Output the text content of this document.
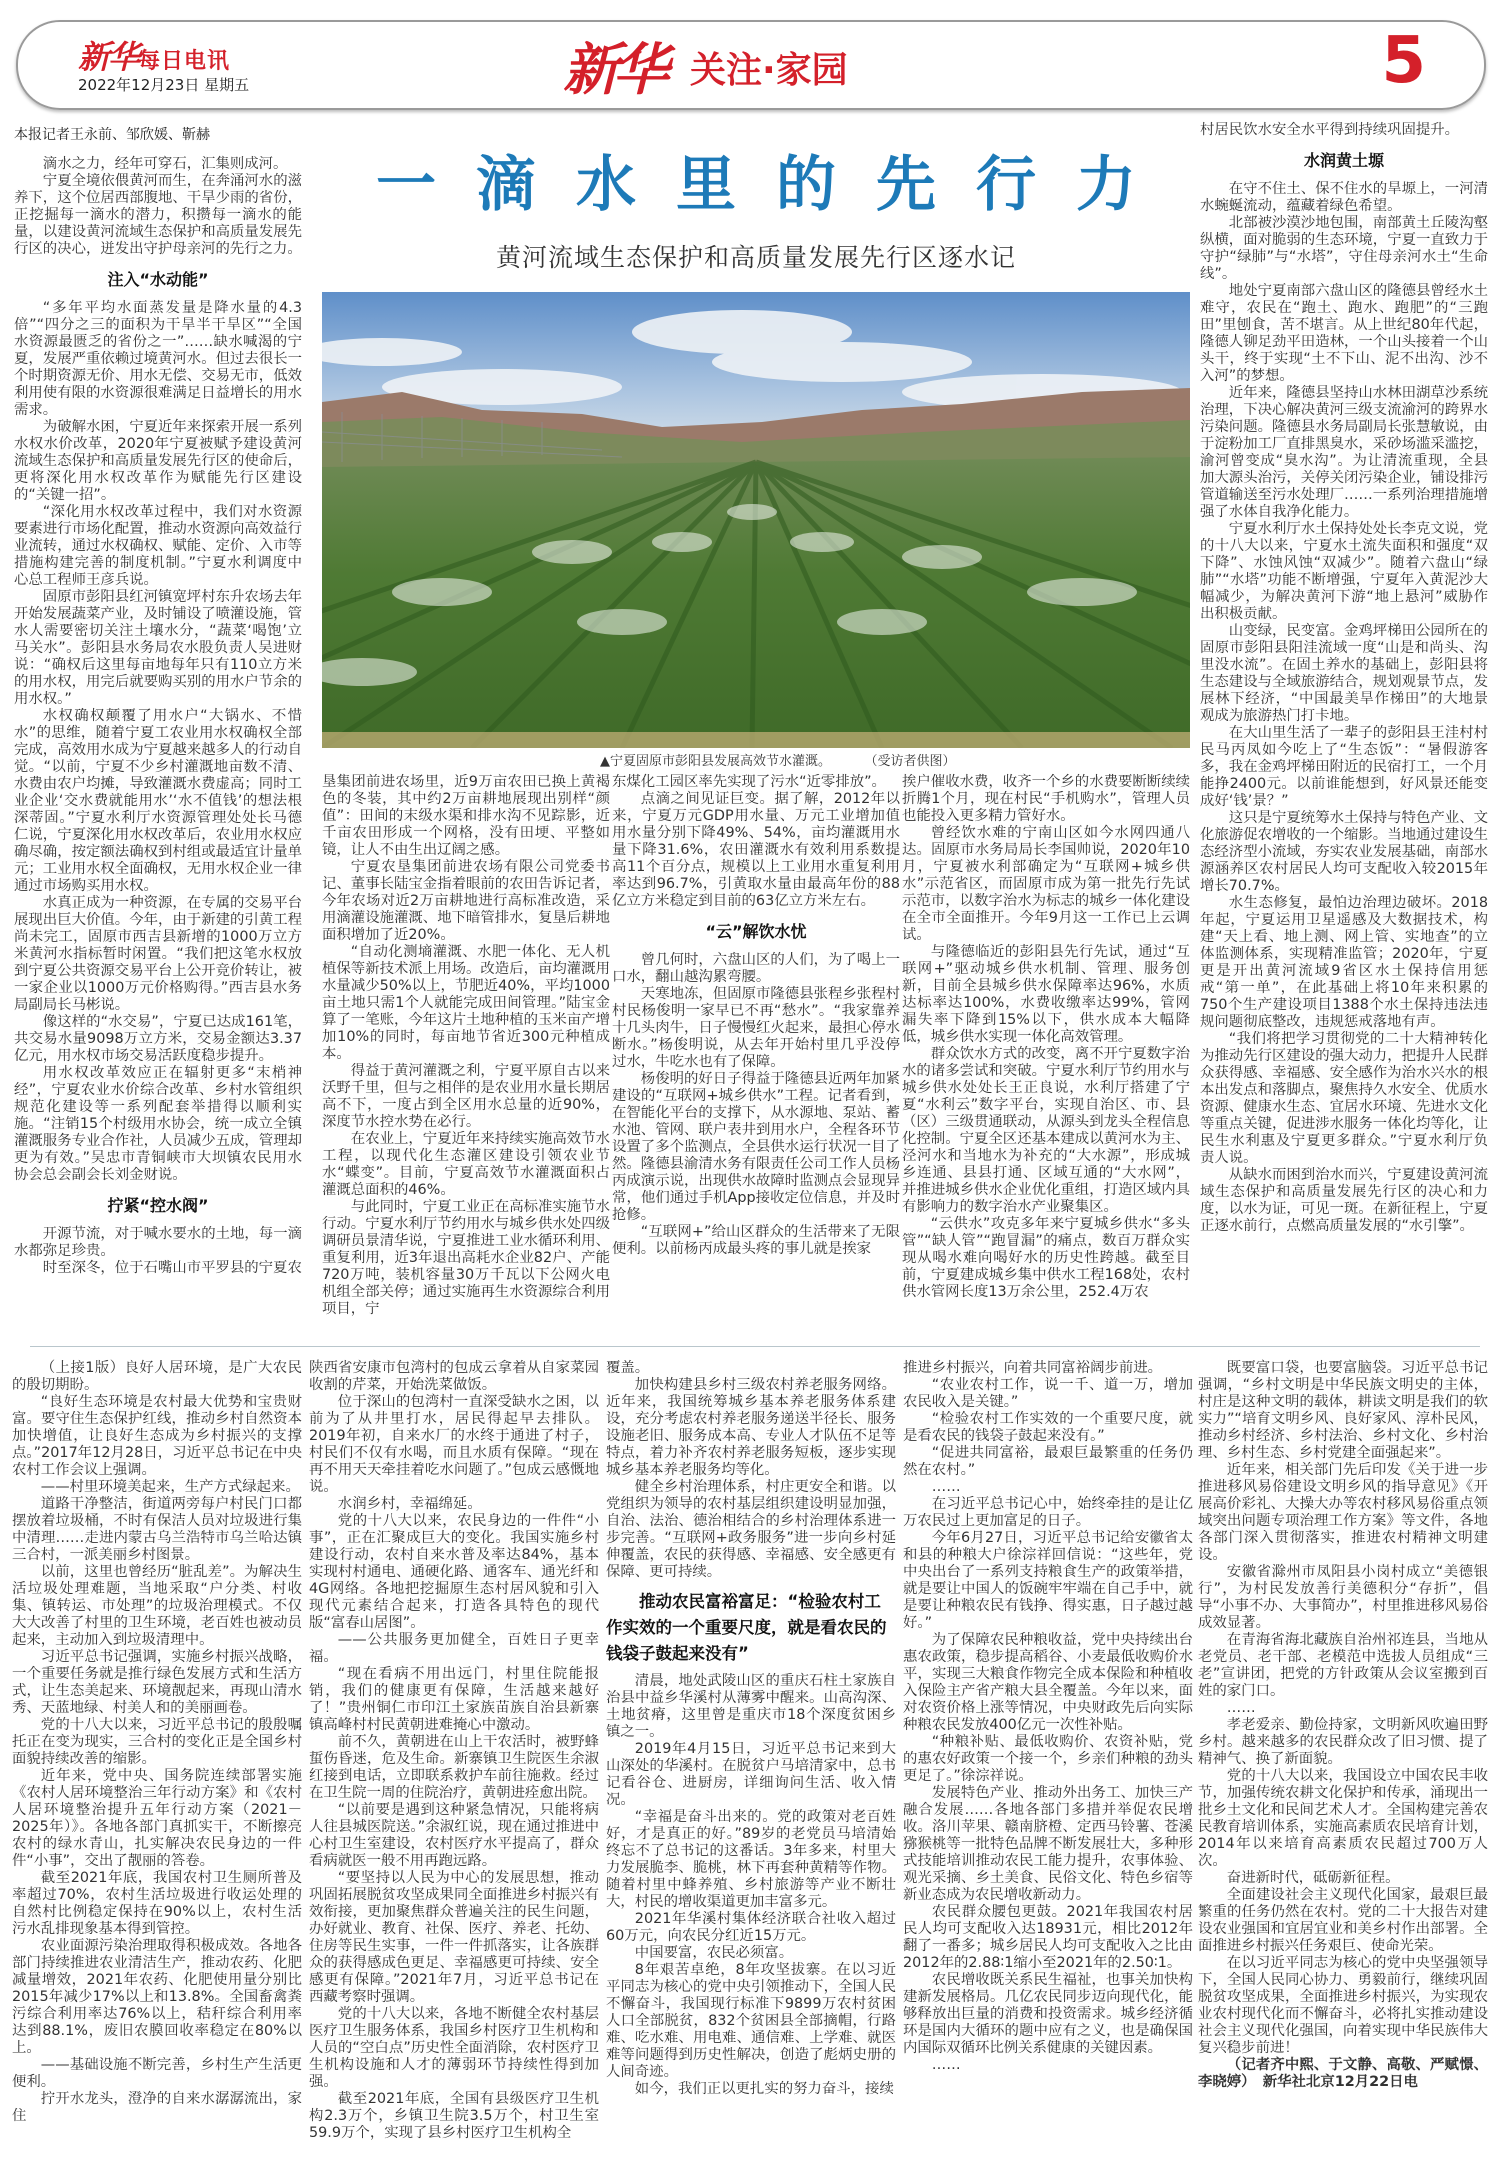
新华每日电讯
2022年12月23日 星期五	新华 关注·家园	5
本报记者王永前、邹欣媛、靳赫
一滴水里的先行力
黄河流域生态保护和高质量发展先行区逐水记
▲宁夏固原市彭阳县发展高效节水灌溉。	（受访者供图）

滴水之力，经年可穿石，汇集则成河。

宁夏全境依偎黄河而生，在奔涌河水的滋养下，这个位居西部腹地、干旱少雨的省份，正挖掘每一滴水的潜力，积攒每一滴水的能量，以建设黄河流域生态保护和高质量发展先行区的决心，迸发出守护母亲河的先行之力。

注入“水动能”

“多年平均水面蒸发量是降水量的4.3倍”“四分之三的面积为干旱半干旱区”“全国水资源最匮乏的省份之一”……缺水喊渴的宁夏，发展严重依赖过境黄河水。但过去很长一个时期资源无价、用水无偿、交易无市，低效利用使有限的水资源很难满足日益增长的用水需求。

为破解水困，宁夏近年来探索开展一系列水权水价改革，2020年宁夏被赋予建设黄河流域生态保护和高质量发展先行区的使命后，更将深化用水权改革作为赋能先行区建设的“关键一招”。

“深化用水权改革过程中，我们对水资源要素进行市场化配置，推动水资源向高效益行业流转，通过水权确权、赋能、定价、入市等措施构建完善的制度机制。”宁夏水利调度中心总工程师王彦兵说。

固原市彭阳县红河镇宽坪村东升农场去年开始发展蔬菜产业，及时铺设了喷灌设施，管水人需要密切关注土壤水分，“蔬菜‘喝饱’立马关水”。彭阳县水务局农水股负责人吴进财说：“确权后这里每亩地每年只有110立方米的用水权，用完后就要购买别的用水户节余的用水权。”

水权确权颠覆了用水户“大锅水、不惜水”的思维，随着宁夏工农业用水权确权全部完成，高效用水成为宁夏越来越多人的行动自觉。“以前，宁夏不少乡村灌溉地亩数不清、水费由农户均摊，导致灌溉水费虚高；同时工业企业‘交水费就能用水’‘水不值钱’的想法根深蒂固。”宁夏水利厅水资源管理处处长马德仁说，宁夏深化用水权改革后，农业用水权应确尽确，按定额法确权到村组或最适宜计量单元；工业用水权全面确权，无用水权企业一律通过市场购买用水权。

水真正成为一种资源，在专属的交易平台展现出巨大价值。今年，由于新建的引黄工程尚未完工，固原市西吉县新增的1000万立方米黄河水指标暂时闲置。“我们把这笔水权放到宁夏公共资源交易平台上公开竞价转让，被一家企业以1000万元价格购得。”西吉县水务局副局长马彬说。

像这样的“水交易”，宁夏已达成161笔，共交易水量9098万立方米，交易金额达3.37亿元，用水权市场交易活跃度稳步提升。

用水权改革效应正在辐射更多“末梢神经”，宁夏农业水价综合改革、乡村水管组织规范化建设等一系列配套举措得以顺利实施。“注销15个村级用水协会，统一成立全镇灌溉服务专业合作社，人员减少五成，管理却更为有效。”吴忠市青铜峡市大坝镇农民用水协会总会副会长刘金财说。

拧紧“控水阀”

开源节流，对于喊水要水的土地，每一滴水都弥足珍贵。

时至深冬，位于石嘴山市平罗县的宁夏农

垦集团前进农场里，近9万亩农田已换上黄褐色的冬装，其中约2万亩耕地展现出别样“颜值”：田间的末级水渠和排水沟不见踪影，近千亩农田形成一个网格，没有田埂、平整如镜，让人不由生出辽阔之感。

宁夏农垦集团前进农场有限公司党委书记、董事长陆宝金指着眼前的农田告诉记者，今年农场对近2万亩耕地进行高标准改造，采用滴灌设施灌溉、地下暗管排水，复垦后耕地面积增加了近20%。

“自动化测墒灌溉、水肥一体化、无人机植保等新技术派上用场。改造后，亩均灌溉用水量减少50%以上，节肥近40%，平均1000亩土地只需1个人就能完成田间管理。”陆宝金算了一笔账，今年这片土地种植的玉米亩产增加10%的同时，每亩地节省近300元种植成本。

得益于黄河灌溉之利，宁夏平原自古以来沃野千里，但与之相伴的是农业用水量长期居高不下，一度占到全区用水总量的近90%，深度节水控水势在必行。

在农业上，宁夏近年来持续实施高效节水工程，以现代化生态灌区建设引领农业节水“蝶变”。目前，宁夏高效节水灌溉面积占灌溉总面积的46%。

与此同时，宁夏工业正在高标准实施节水行动。宁夏水利厅节约用水与城乡供水处四级调研员景清华说，宁夏推进工业水循环利用、重复利用，近3年退出高耗水企业82户、产能720万吨，装机容量30万千瓦以下公网火电机组全部关停；通过实施再生水资源综合利用项目，宁

东煤化工园区率先实现了污水“近零排放”。

点滴之间见证巨变。据了解，2012年以来，宁夏万元GDP用水量、万元工业增加值用水量分别下降49%、54%，亩均灌溉用水量下降31.6%，农田灌溉水有效利用系数提高11个百分点，规模以上工业用水重复利用率达到96.7%，引黄取水量由最高年份的88亿立方米稳定到目前的63亿立方米左右。

“云”解饮水忧

曾几何时，六盘山区的人们，为了喝上一口水，翻山越沟累弯腰。

天寒地冻，但固原市隆德县张程乡张程村村民杨俊明一家早已不再“愁水”。“我家靠养十几头肉牛，日子慢慢红火起来，最担心停水断水。”杨俊明说，从去年开始村里几乎没停过水，牛吃水也有了保障。

杨俊明的好日子得益于隆德县近两年加紧建设的“互联网+城乡供水”工程。记者看到，在智能化平台的支撑下，从水源地、泵站、蓄水池、管网、联户表井到用水户，全程各环节设置了多个监测点，全县供水运行状况一目了然。隆德县渝清水务有限责任公司工作人员杨丙成演示说，出现供水故障时监测点会显现异常，他们通过手机App接收定位信息，并及时抢修。

“互联网+”给山区群众的生活带来了无限便利。以前杨丙成最头疼的事儿就是挨家

挨户催收水费，收齐一个乡的水费要断断续续折腾1个月，现在村民“手机购水”，管理人员也能投入更多精力管好水。

曾经饮水难的宁南山区如今水网四通八达。固原市水务局局长李国帅说，2020年10月，宁夏被水利部确定为“互联网+城乡供水”示范省区，而固原市成为第一批先行先试示范市，以数字治水为标志的城乡一体化建设在全市全面推开。今年9月这一工作已上云调试。

与隆德临近的彭阳县先行先试，通过“互联网+”驱动城乡供水机制、管理、服务创新，目前全县城乡供水保障率达96%，水质达标率达100%，水费收缴率达99%，管网漏失率下降到15%以下，供水成本大幅降低，城乡供水实现一体化高效管理。

群众饮水方式的改变，离不开宁夏数字治水的诸多尝试和突破。宁夏水利厅节约用水与城乡供水处处长王正良说，水利厅搭建了宁夏“水利云”数字平台，实现自治区、市、县（区）三级贯通联动，从源头到龙头全程信息化控制。宁夏全区还基本建成以黄河水为主、泾河水和当地水为补充的“大水源”，形成城乡连通、县县打通、区域互通的“大水网”，并推进城乡供水企业优化重组，打造区域内具有影响力的数字治水产业聚集区。

“云供水”攻克多年来宁夏城乡供水“多头管”“缺人管”“跑冒漏”的痛点，数百万群众实现从喝水难向喝好水的历史性跨越。截至目前，宁夏建成城乡集中供水工程168处，农村供水管网长度13万余公里，252.4万农

村居民饮水安全水平得到持续巩固提升。

水润黄土塬

在守不住土、保不住水的旱塬上，一河清水蜿蜒流动，蕴藏着绿色希望。

北部被沙漠沙地包围，南部黄土丘陵沟壑纵横，面对脆弱的生态环境，宁夏一直致力于守护“绿肺”与“水塔”，守住母亲河水土“生命线”。

地处宁夏南部六盘山区的隆德县曾经水土难守，农民在“跑土、跑水、跑肥”的“三跑田”里刨食，苦不堪言。从上世纪80年代起，隆德人铆足劲平田造林，一个山头接着一个山头干，终于实现“土不下山、泥不出沟、沙不入河”的梦想。

近年来，隆德县坚持山水林田湖草沙系统治理，下决心解决黄河三级支流渝河的跨界水污染问题。隆德县水务局副局长张慧敏说，由于淀粉加工厂直排黑臭水，采砂场滥采滥挖，渝河曾变成“臭水沟”。为让清流重现，全县加大源头治污，关停关闭污染企业，铺设排污管道输送至污水处理厂……一系列治理措施增强了水体自我净化能力。

宁夏水利厅水土保持处处长李克文说，党的十八大以来，宁夏水土流失面积和强度“双下降”、水蚀风蚀“双减少”。随着六盘山“绿肺”“水塔”功能不断增强，宁夏年入黄泥沙大幅减少，为解决黄河下游“地上悬河”威胁作出积极贡献。

山变绿，民变富。金鸡坪梯田公园所在的固原市彭阳县阳洼流域一度“山是和尚头、沟里没水流”。在固土养水的基础上，彭阳县将生态建设与全域旅游结合，规划观景节点，发展林下经济，“中国最美旱作梯田”的大地景观成为旅游热门打卡地。

在大山里生活了一辈子的彭阳县王洼村村民马丙凤如今吃上了“生态饭”：“暑假游客多，我在金鸡坪梯田附近的民宿打工，一个月能挣2400元。以前谁能想到，好风景还能变成好‘钱’景？”

这只是宁夏统筹水土保持与特色产业、文化旅游促农增收的一个缩影。当地通过建设生态经济型小流域，夯实农业发展基础，南部水源涵养区农村居民人均可支配收入较2015年增长70.7%。

水生态修复，最怕边治理边破坏。2018年起，宁夏运用卫星遥感及大数据技术，构建“天上看、地上测、网上管、实地查”的立体监测体系，实现精准监管；2020年，宁夏更是开出黄河流域9省区水土保持信用惩戒“第一单”，在此基础上将10年来积累的750个生产建设项目1388个水土保持违法违规问题彻底整改，违规惩戒落地有声。

“我们将把学习贯彻党的二十大精神转化为推动先行区建设的强大动力，把提升人民群众获得感、幸福感、安全感作为治水兴水的根本出发点和落脚点，聚焦持久水安全、优质水资源、健康水生态、宜居水环境、先进水文化等重点关键，促进涉水服务一体化均等化，让民生水利惠及宁夏更多群众。”宁夏水利厅负责人说。

从缺水而困到治水而兴，宁夏建设黄河流域生态保护和高质量发展先行区的决心和力度，以水为证，可见一斑。在新征程上，宁夏正逐水前行，点燃高质量发展的“水引擎”。

（上接1版）良好人居环境，是广大农民的殷切期盼。

“良好生态环境是农村最大优势和宝贵财富。要守住生态保护红线，推动乡村自然资本加快增值，让良好生态成为乡村振兴的支撑点。”2017年12月28日，习近平总书记在中央农村工作会议上强调。

——村里环境美起来，生产方式绿起来。

道路干净整洁，街道两旁每户村民门口都摆放着垃圾桶，不时有保洁人员对垃圾进行集中清理……走进内蒙古乌兰浩特市乌兰哈达镇三合村，一派美丽乡村图景。

以前，这里也曾经历“脏乱差”。为解决生活垃圾处理难题，当地采取“户分类、村收集、镇转运、市处理”的垃圾治理模式。不仅大大改善了村里的卫生环境，老百姓也被动员起来，主动加入到垃圾清理中。

习近平总书记强调，实施乡村振兴战略，一个重要任务就是推行绿色发展方式和生活方式，让生态美起来、环境靓起来，再现山清水秀、天蓝地绿、村美人和的美丽画卷。

党的十八大以来，习近平总书记的殷殷嘱托正在变为现实，三合村的变化正是全国乡村面貌持续改善的缩影。

近年来，党中央、国务院连续部署实施《农村人居环境整治三年行动方案》和《农村人居环境整治提升五年行动方案（2021－2025年）》。各地各部门真抓实干，不断擦亮农村的绿水青山，扎实解决农民身边的一件件“小事”，交出了靓丽的答卷。

截至2021年底，我国农村卫生厕所普及率超过70%，农村生活垃圾进行收运处理的自然村比例稳定保持在90%以上，农村生活污水乱排现象基本得到管控。

农业面源污染治理取得积极成效。各地各部门持续推进农业清洁生产，推动农药、化肥减量增效，2021年农药、化肥使用量分别比2015年减少17%以上和13.8%。全国畜禽粪污综合利用率达76%以上，秸秆综合利用率达到88.1%，废旧农膜回收率稳定在80%以上。

——基础设施不断完善，乡村生产生活更便利。

拧开水龙头，澄净的自来水潺潺流出，家住

陕西省安康市包湾村的包成云拿着从自家菜园收割的芹菜，开始洗菜做饭。

位于深山的包湾村一直深受缺水之困，以前为了从井里打水，居民得起早去排队。2019年初，自来水厂的水终于通进了村子，村民们不仅有水喝，而且水质有保障。“现在再不用天天牵挂着吃水问题了。”包成云感慨地说。

水润乡村，幸福绵延。

党的十八大以来，农民身边的一件件“小事”，正在汇聚成巨大的变化。我国实施乡村建设行动，农村自来水普及率达84%，基本实现村村通电、通硬化路、通客车、通光纤和4G网络。各地把挖掘原生态村居风貌和引入现代元素结合起来，打造各具特色的现代版“富春山居图”。

——公共服务更加健全，百姓日子更幸福。

“现在看病不用出远门，村里住院能报销，我们的健康更有保障，生活越来越好了！”贵州铜仁市印江土家族苗族自治县新寨镇高峰村村民黄朝进难掩心中激动。

前不久，黄朝进在山上干农活时，被野蜂蜇伤昏迷，危及生命。新寨镇卫生院医生余淑红接到电话，立即联系救护车前往施救。经过在卫生院一周的住院治疗，黄朝进痊愈出院。

“以前要是遇到这种紧急情况，只能将病人往县城医院送。”余淑红说，现在通过推进中心村卫生室建设，农村医疗水平提高了，群众看病就医一般不用再跑远路。

“要坚持以人民为中心的发展思想，推动巩固拓展脱贫攻坚成果同全面推进乡村振兴有效衔接，更加聚焦群众普遍关注的民生问题，办好就业、教育、社保、医疗、养老、托幼、住房等民生实事，一件一件抓落实，让各族群众的获得感成色更足、幸福感更可持续、安全感更有保障。”2021年7月，习近平总书记在西藏考察时强调。

党的十八大以来，各地不断健全农村基层医疗卫生服务体系，我国乡村医疗卫生机构和人员的“空白点”历史性全面消除，农村医疗卫生机构设施和人才的薄弱环节持续性得到加强。

截至2021年底，全国有县级医疗卫生机构2.3万个，乡镇卫生院3.5万个，村卫生室59.9万个，实现了县乡村医疗卫生机构全

覆盖。

加快构建县乡村三级农村养老服务网络。近年来，我国统筹城乡基本养老服务体系建设，充分考虑农村养老服务递送半径长、服务设施老旧、服务成本高、专业人才队伍不足等特点，着力补齐农村养老服务短板，逐步实现城乡基本养老服务均等化。

健全乡村治理体系，村庄更安全和谐。以党组织为领导的农村基层组织建设明显加强，自治、法治、德治相结合的乡村治理体系进一步完善。“互联网+政务服务”进一步向乡村延伸覆盖，农民的获得感、幸福感、安全感更有保障、更可持续。

推动农民富裕富足：“检验农村工作实效的一个重要尺度，就是看农民的钱袋子鼓起来没有”

清晨，地处武陵山区的重庆石柱土家族自治县中益乡华溪村从薄雾中醒来。山高沟深、土地贫瘠，这里曾是重庆市18个深度贫困乡镇之一。

2019年4月15日，习近平总书记来到大山深处的华溪村。在脱贫户马培清家中，总书记看谷仓、进厨房，详细询问生活、收入情况。

“幸福是奋斗出来的。党的政策对老百姓好，才是真正的好。”89岁的老党员马培清始终忘不了总书记的这番话。3年多来，村里大力发展脆李、脆桃，林下再套种黄精等作物。随着村里中蜂养殖、乡村旅游等产业不断壮大，村民的增收渠道更加丰富多元。

2021年华溪村集体经济联合社收入超过60万元，向农民分红近15万元。

中国要富，农民必须富。

8年艰苦卓绝，8年攻坚拔寨。在以习近平同志为核心的党中央引领推动下，全国人民不懈奋斗，我国现行标准下9899万农村贫困人口全部脱贫，832个贫困县全部摘帽，行路难、吃水难、用电难、通信难、上学难、就医难等问题得到历史性解决，创造了彪炳史册的人间奇迹。

如今，我们正以更扎实的努力奋斗，接续

推进乡村振兴，向着共同富裕阔步前进。

“农业农村工作，说一千、道一万，增加农民收入是关键。”

“检验农村工作实效的一个重要尺度，就是看农民的钱袋子鼓起来没有。”

“促进共同富裕，最艰巨最繁重的任务仍然在农村。”

……

在习近平总书记心中，始终牵挂的是让亿万农民过上更加富足的日子。

今年6月27日，习近平总书记给安徽省太和县的种粮大户徐淙祥回信说：“这些年，党中央出台了一系列支持粮食生产的政策举措，就是要让中国人的饭碗牢牢端在自己手中，就是要让种粮农民有钱挣、得实惠，日子越过越好。”

为了保障农民种粮收益，党中央持续出台惠农政策，稳步提高稻谷、小麦最低收购价水平，实现三大粮食作物完全成本保险和种植收入保险主产省产粮大县全覆盖。今年以来，面对农资价格上涨等情况，中央财政先后向实际种粮农民发放400亿元一次性补贴。

“种粮补贴、最低收购价、农资补贴，党的惠农好政策一个接一个，乡亲们种粮的劲头更足了。”徐淙祥说。

发展特色产业、推动外出务工、加快三产融合发展……各地各部门多措并举促农民增收。洛川苹果、赣南脐橙、定西马铃薯、苍溪猕猴桃等一批特色品牌不断发展壮大，多种形式技能培训推动农民工能力提升，农事体验、观光采摘、乡土美食、民俗文化、特色乡宿等新业态成为农民增收新动力。

农民群众腰包更鼓。2021年我国农村居民人均可支配收入达18931元，相比2012年翻了一番多；城乡居民人均可支配收入之比由2012年的2.88∶1缩小至2021年的2.50∶1。

农民增收既关系民生福祉，也事关加快构建新发展格局。几亿农民同步迈向现代化，能够释放出巨量的消费和投资需求。城乡经济循环是国内大循环的题中应有之义，也是确保国内国际双循环比例关系健康的关键因素。

……

既要富口袋，也要富脑袋。习近平总书记强调，“乡村文明是中华民族文明史的主体，村庄是这种文明的载体，耕读文明是我们的软实力”“培育文明乡风、良好家风、淳朴民风，推动乡村经济、乡村法治、乡村文化、乡村治理、乡村生态、乡村党建全面强起来”。

近年来，相关部门先后印发《关于进一步推进移风易俗建设文明乡风的指导意见》《开展高价彩礼、大操大办等农村移风易俗重点领域突出问题专项治理工作方案》等文件，各地各部门深入贯彻落实，推进农村精神文明建设。

安徽省滁州市凤阳县小岗村成立“美德银行”，为村民发放善行美德积分“存折”，倡导“小事不办、大事简办”，村里推进移风易俗成效显著。

在青海省海北藏族自治州祁连县，当地从老党员、老干部、老模范中选拔人员组成“三老”宣讲团，把党的方针政策从会议室搬到百姓的家门口。

……

孝老爱亲、勤俭持家，文明新风吹遍田野乡村。越来越多的农民群众改了旧习惯、提了精神气、换了新面貌。

党的十八大以来，我国设立中国农民丰收节，加强传统农耕文化保护和传承，涌现出一批乡土文化和民间艺术人才。全国构建完善农民教育培训体系，实施高素质农民培育计划，2014年以来培育高素质农民超过700万人次。

奋进新时代，砥砺新征程。

全面建设社会主义现代化国家，最艰巨最繁重的任务仍然在农村。党的二十大报告对建设农业强国和宜居宜业和美乡村作出部署。全面推进乡村振兴任务艰巨、使命光荣。

在以习近平同志为核心的党中央坚强领导下，全国人民同心协力、勇毅前行，继续巩固脱贫攻坚成果，全面推进乡村振兴，为实现农业农村现代化而不懈奋斗，必将扎实推动建设社会主义现代化强国，向着实现中华民族伟大复兴稳步前进！

（记者齐中熙、于文静、高敬、严赋憬、李晓婷）　新华社北京12月22日电
